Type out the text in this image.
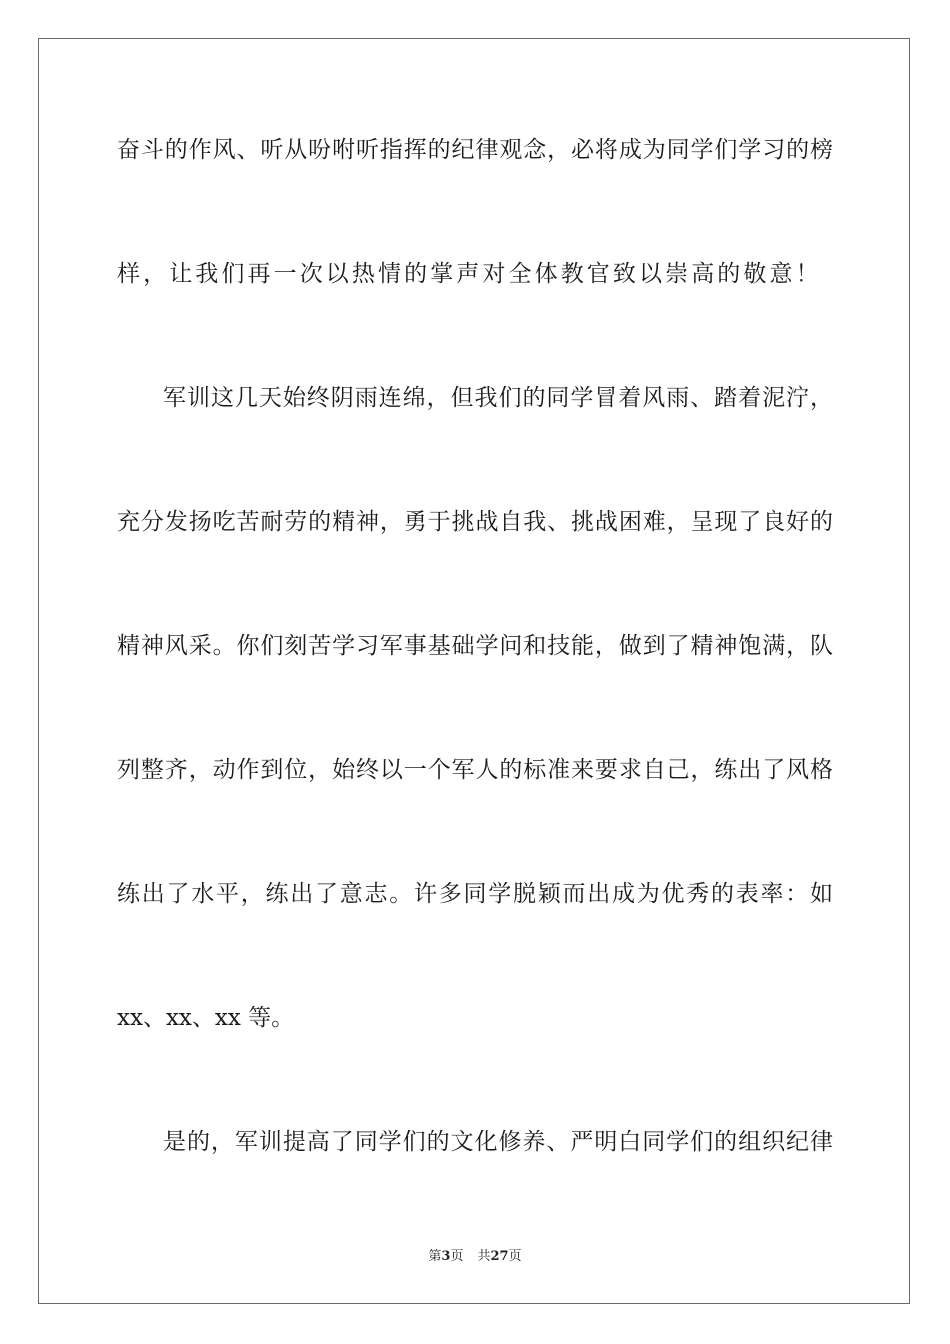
奋斗的作风、听从吩咐听指挥的纪律观念，必将成为同学们学习的榜
样，让我们再一次以热情的掌声对全体教官致以崇高的敬意！
军训这几天始终阴雨连绵，但我们的同学冒着风雨、踏着泥泞，
充分发扬吃苦耐劳的精神，勇于挑战自我、挑战困难，呈现了良好的
精神风采。你们刻苦学习军事基础学问和技能，做到了精神饱满，队
列整齐，动作到位，始终以一个军人的标准来要求自己，练出了风格
练出了水平，练出了意志。许多同学脱颖而出成为优秀的表率：如
xx、xx、xx 等。
是的，军训提高了同学们的文化修养、严明白同学们的组织纪律
第3页 共27页
